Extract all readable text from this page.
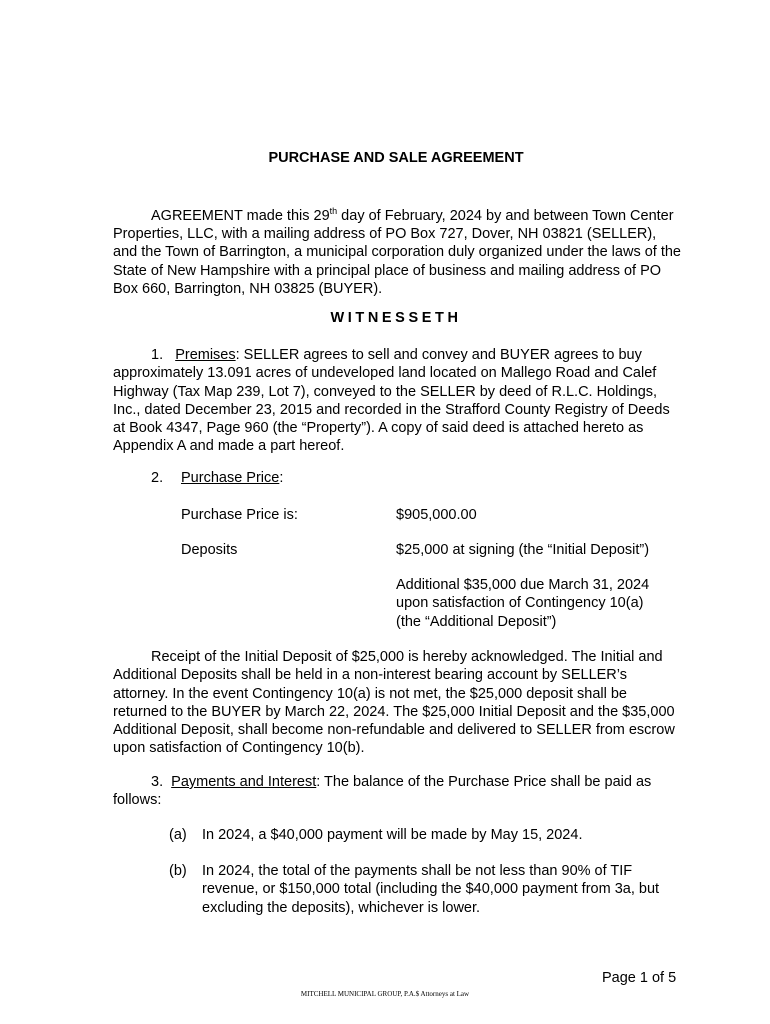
PURCHASE AND SALE AGREEMENT
AGREEMENT made this 29th day of February, 2024 by and between Town Center Properties, LLC, with a mailing address of PO Box 727, Dover, NH 03821 (SELLER), and the Town of Barrington, a municipal corporation duly organized under the laws of the State of New Hampshire with a principal place of business and mailing address of PO Box 660, Barrington, NH 03825 (BUYER).
WITNESSETH
1. Premises: SELLER agrees to sell and convey and BUYER agrees to buy approximately 13.091 acres of undeveloped land located on Mallego Road and Calef Highway (Tax Map 239, Lot 7), conveyed to the SELLER by deed of R.L.C. Holdings, Inc., dated December 23, 2015 and recorded in the Strafford County Registry of Deeds at Book 4347, Page 960 (the “Property”). A copy of said deed is attached hereto as Appendix A and made a part hereof.
2. Purchase Price:
Purchase Price is:	$905,000.00
Deposits	$25,000 at signing (the “Initial Deposit”)
Additional $35,000 due March 31, 2024
upon satisfaction of Contingency 10(a)
(the “Additional Deposit”)
Receipt of the Initial Deposit of $25,000 is hereby acknowledged. The Initial and Additional Deposits shall be held in a non-interest bearing account by SELLER’s attorney. In the event Contingency 10(a) is not met, the $25,000 deposit shall be returned to the BUYER by March 22, 2024. The $25,000 Initial Deposit and the $35,000 Additional Deposit, shall become non-refundable and delivered to SELLER from escrow upon satisfaction of Contingency 10(b).
3. Payments and Interest: The balance of the Purchase Price shall be paid as follows:
(a) In 2024, a $40,000 payment will be made by May 15, 2024.
(b) In 2024, the total of the payments shall be not less than 90% of TIF revenue, or $150,000 total (including the $40,000 payment from 3a, but excluding the deposits), whichever is lower.
Page 1 of 5
MITCHELL MUNICIPAL GROUP, P.A.$ Attorneys at Law
